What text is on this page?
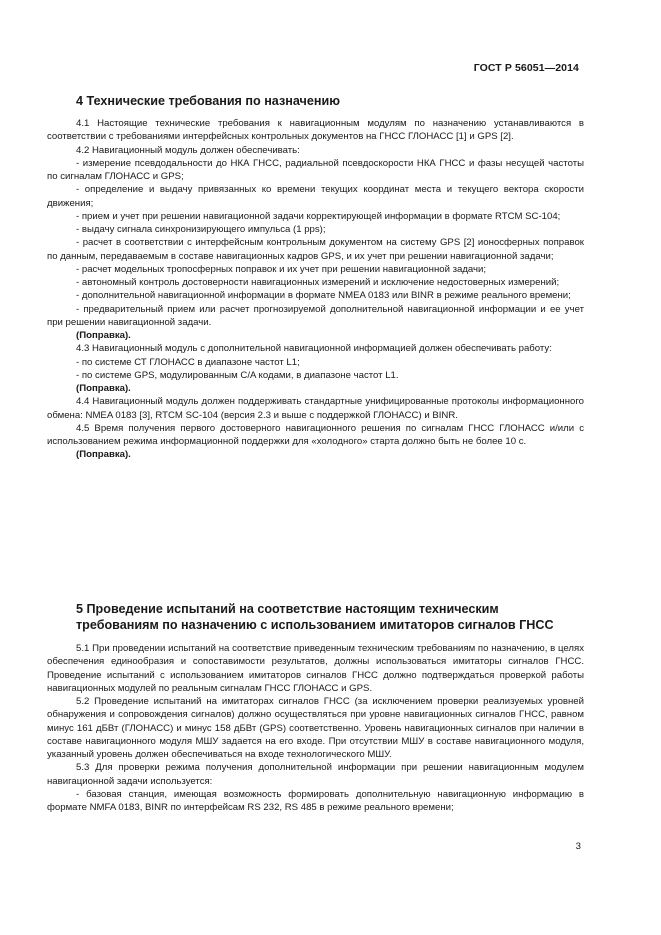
ГОСТ Р 56051—2014
4 Технические требования по назначению

4.1 Настоящие технические требования к навигационным модулям по назначению устанавливаются в соответствии с требованиями интерфейсных контрольных документов на ГНСС ГЛОНАСС [1] и GPS [2].

4.2 Навигационный модуль должен обеспечивать:

- измерение псевдодальности до НКА ГНСС, радиальной псевдоскорости НКА ГНСС и фазы несущей частоты по сигналам ГЛОНАСС и GPS;

- определение и выдачу привязанных ко времени текущих координат места и текущего вектора скорости движения;

- прием и учет при решении навигационной задачи корректирующей информации в формате RTCM SC-104;

- выдачу сигнала синхронизирующего импульса (1 pps);

- расчет в соответствии с интерфейсным контрольным документом на систему GPS [2] ионосферных поправок по данным, передаваемым в составе навигационных кадров GPS, и их учет при решении навигационной задачи;

- расчет модельных тропосферных поправок и их учет при решении навигационной задачи;

- автономный контроль достоверности навигационных измерений и исключение недостоверных измерений;

- дополнительной навигационной информации в формате NMEA 0183 или BINR в режиме реального времени;

- предварительный прием или расчет прогнозируемой дополнительной навигационной информации и ее учет при решении навигационной задачи.

(Поправка).

4.3 Навигационный модуль с дополнительной навигационной информацией должен обеспечивать работу:

- по системе СТ ГЛОНАСС в диапазоне частот L1;

- по системе GPS, модулированным C/A кодами, в диапазоне частот L1.

(Поправка).

4.4 Навигационный модуль должен поддерживать стандартные унифицированные протоколы информационного обмена: NMEA 0183 [3], RTCM SC-104 (версия 2.3 и выше с поддержкой ГЛОНАСС) и BINR.

4.5 Время получения первого достоверного навигационного решения по сигналам ГНСС ГЛОНАСС и/или с использованием режима информационной поддержки для «холодного» старта должно быть не более 10 с.

(Поправка).

5 Проведение испытаний на соответствие настоящим техническим
требованиям по назначению с использованием имитаторов сигналов ГНСС

5.1 При проведении испытаний на соответствие приведенным техническим требованиям по назначению, в целях обеспечения единообразия и сопоставимости результатов, должны использоваться имитаторы сигналов ГНСС. Проведение испытаний с использованием имитаторов сигналов ГНСС должно подтверждаться проверкой работы навигационных модулей по реальным сигналам ГНСС ГЛОНАСС и GPS.

5.2 Проведение испытаний на имитаторах сигналов ГНСС (за исключением проверки реализуемых уровней обнаружения и сопровождения сигналов) должно осуществляться при уровне навигационных сигналов ГНСС, равном минус 161 дБВт (ГЛОНАСС) и минус 158 дБВт (GPS) соответственно. Уровень навигационных сигналов при наличии в составе навигационного модуля МШУ задается на его входе. При отсутствии МШУ в составе навигационного модуля, указанный уровень должен обеспечиваться на входе технологического МШУ.

5.3 Для проверки режима получения дополнительной информации при решении навигационным модулем навигационной задачи используется:

- базовая станция, имеющая возможность формировать дополнительную навигационную информацию в формате NMFA 0183, BINR по интерфейсам RS 232, RS 485 в режиме реального времени;

3
